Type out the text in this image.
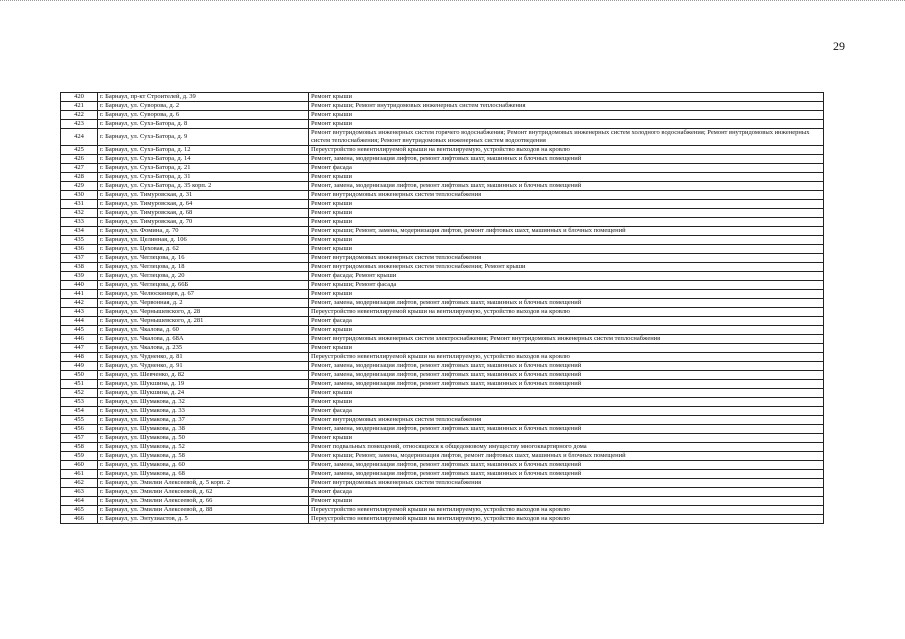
29
420	г. Барнаул, пр-кт Строителей, д. 39	Ремонт крыши
421	г. Барнаул, ул. Суворова, д. 2	Ремонт крыши; Ремонт внутридомовых инженерных систем теплоснабжения
422	г. Барнаул, ул. Суворова, д. 6	Ремонт крыши
423	г. Барнаул, ул. Сухэ-Батора, д. 8	Ремонт крыши
424	г. Барнаул, ул. Сухэ-Батора, д. 9	Ремонт внутридомовых инженерных систем горячего водоснабжения; Ремонт внутридомовых инженерных систем холодного водоснабжения; Ремонт внутридомовых инженерных систем теплоснабжения; Ремонт внутридомовых инженерных систем водоотведения
425	г. Барнаул, ул. Сухэ-Батора, д. 12	Переустройство невентилируемой крыши на вентилируемую, устройство выходов на кровлю
426	г. Барнаул, ул. Сухэ-Батора, д. 14	Ремонт, замена, модернизация лифтов, ремонт лифтовых шахт, машинных и блочных помещений
427	г. Барнаул, ул. Сухэ-Батора, д. 21	Ремонт фасада
428	г. Барнаул, ул. Сухэ-Батора, д. 31	Ремонт крыши
429	г. Барнаул, ул. Сухэ-Батора, д. 35 корп. 2	Ремонт, замена, модернизация лифтов, ремонт лифтовых шахт, машинных и блочных помещений
430	г. Барнаул, ул. Тимуровская, д. 31	Ремонт внутридомовых инженерных систем теплоснабжения
431	г. Барнаул, ул. Тимуровская, д. 64	Ремонт крыши
432	г. Барнаул, ул. Тимуровская, д. 68	Ремонт крыши
433	г. Барнаул, ул. Тимуровская, д. 70	Ремонт крыши
434	г. Барнаул, ул. Фомина, д. 70	Ремонт крыши; Ремонт, замена, модернизация лифтов, ремонт лифтовых шахт, машинных и блочных помещений
435	г. Барнаул, ул. Целинная, д. 106	Ремонт крыши
436	г. Барнаул, ул. Цеховая, д. 62	Ремонт крыши
437	г. Барнаул, ул. Чеглецова, д. 16	Ремонт внутридомовых инженерных систем теплоснабжения
438	г. Барнаул, ул. Чеглецова, д. 18	Ремонт внутридомовых инженерных систем теплоснабжения; Ремонт крыши
439	г. Барнаул, ул. Чеглецова, д. 20	Ремонт фасада; Ремонт крыши
440	г. Барнаул, ул. Чеглецова, д. 66Б	Ремонт крыши; Ремонт фасада
441	г. Барнаул, ул. Челюскинцев, д. 67	Ремонт крыши
442	г. Барнаул, ул. Червонная, д. 2	Ремонт, замена, модернизация лифтов, ремонт лифтовых шахт, машинных и блочных помещений
443	г. Барнаул, ул. Чернышевского, д. 28	Переустройство невентилируемой крыши на вентилируемую, устройство выходов на кровлю
444	г. Барнаул, ул. Чернышевского, д. 281	Ремонт фасада
445	г. Барнаул, ул. Чкалова, д. 60	Ремонт крыши
446	г. Барнаул, ул. Чкалова, д. 68А	Ремонт внутридомовых инженерных систем электроснабжения; Ремонт внутридомовых инженерных систем теплоснабжения
447	г. Барнаул, ул. Чкалова, д. 235	Ремонт крыши
448	г. Барнаул, ул. Чудненко, д. 81	Переустройство невентилируемой крыши на вентилируемую, устройство выходов на кровлю
449	г. Барнаул, ул. Чудненко, д. 91	Ремонт, замена, модернизация лифтов, ремонт лифтовых шахт, машинных и блочных помещений
450	г. Барнаул, ул. Шевченко, д. 82	Ремонт, замена, модернизация лифтов, ремонт лифтовых шахт, машинных и блочных помещений
451	г. Барнаул, ул. Шукшина, д. 19	Ремонт, замена, модернизация лифтов, ремонт лифтовых шахт, машинных и блочных помещений
452	г. Барнаул, ул. Шукшина, д. 24	Ремонт крыши
453	г. Барнаул, ул. Шумакова, д. 32	Ремонт крыши
454	г. Барнаул, ул. Шумакова, д. 33	Ремонт фасада
455	г. Барнаул, ул. Шумакова, д. 37	Ремонт внутридомовых инженерных систем теплоснабжения
456	г. Барнаул, ул. Шумакова, д. 38	Ремонт, замена, модернизация лифтов, ремонт лифтовых шахт, машинных и блочных помещений
457	г. Барнаул, ул. Шумакова, д. 50	Ремонт крыши
458	г. Барнаул, ул. Шумакова, д. 52	Ремонт подвальных помещений, относящихся к общедомовому имуществу многоквартирного дома
459	г. Барнаул, ул. Шумакова, д. 58	Ремонт крыши; Ремонт, замена, модернизация лифтов, ремонт лифтовых шахт, машинных и блочных помещений
460	г. Барнаул, ул. Шумакова, д. 60	Ремонт, замена, модернизация лифтов, ремонт лифтовых шахт, машинных и блочных помещений
461	г. Барнаул, ул. Шумакова, д. 68	Ремонт, замена, модернизация лифтов, ремонт лифтовых шахт, машинных и блочных помещений
462	г. Барнаул, ул. Эмилии Алексеевой, д. 5 корп. 2	Ремонт внутридомовых инженерных систем теплоснабжения
463	г. Барнаул, ул. Эмилии Алексеевой, д. 62	Ремонт фасада
464	г. Барнаул, ул. Эмилии Алексеевой, д. 66	Ремонт крыши
465	г. Барнаул, ул. Эмилии Алексеевой, д. 88	Переустройство невентилируемой крыши на вентилируемую, устройство выходов на кровлю
466	г. Барнаул, ул. Энтузиастов, д. 5	Переустройство невентилируемой крыши на вентилируемую, устройство выходов на кровлю
